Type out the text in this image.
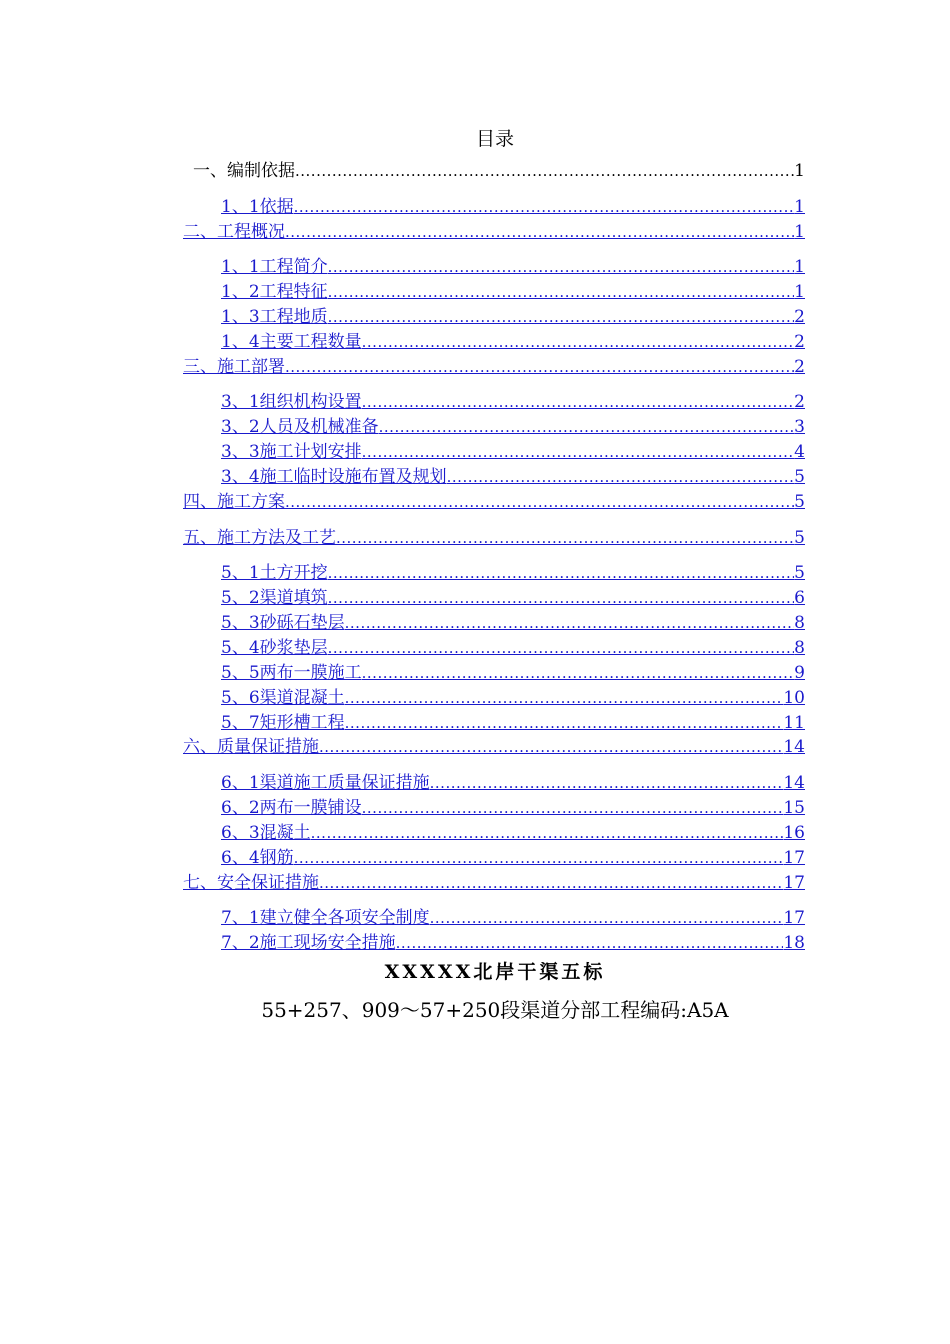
目录
一、编制依据 .....	1
1、1依据 .....	1
二、工程概况 .....	1
1、1工程简介 .....	1
1、2工程特征 .....	1
1、3工程地质 .....	2
1、4主要工程数量 .....	2
三、施工部署 .....	2
3、1组织机构设置 .....	2
3、2人员及机械准备 .....	3
3、3施工计划安排 .....	4
3、4施工临时设施布置及规划 .....	5
四、施工方案 .....	5
五、施工方法及工艺 .....	5
5、1土方开挖 .....	5
5、2渠道填筑 .....	6
5、3砂砾石垫层 .....	8
5、4砂浆垫层 .....	8
5、5两布一膜施工 .....	9
5、6渠道混凝土 .....	10
5、7矩形槽工程 .....	11
六、质量保证措施 .....	14
6、1渠道施工质量保证措施 .....	14
6、2两布一膜铺设 .....	15
6、3混凝土 .....	16
6、4钢筋 .....	17
七、安全保证措施 .....	17
7、1建立健全各项安全制度 .....	17
7、2施工现场安全措施 .....	18
XXXXX北岸干渠五标
55+257、909～57+250段渠道分部工程编码:A5A
